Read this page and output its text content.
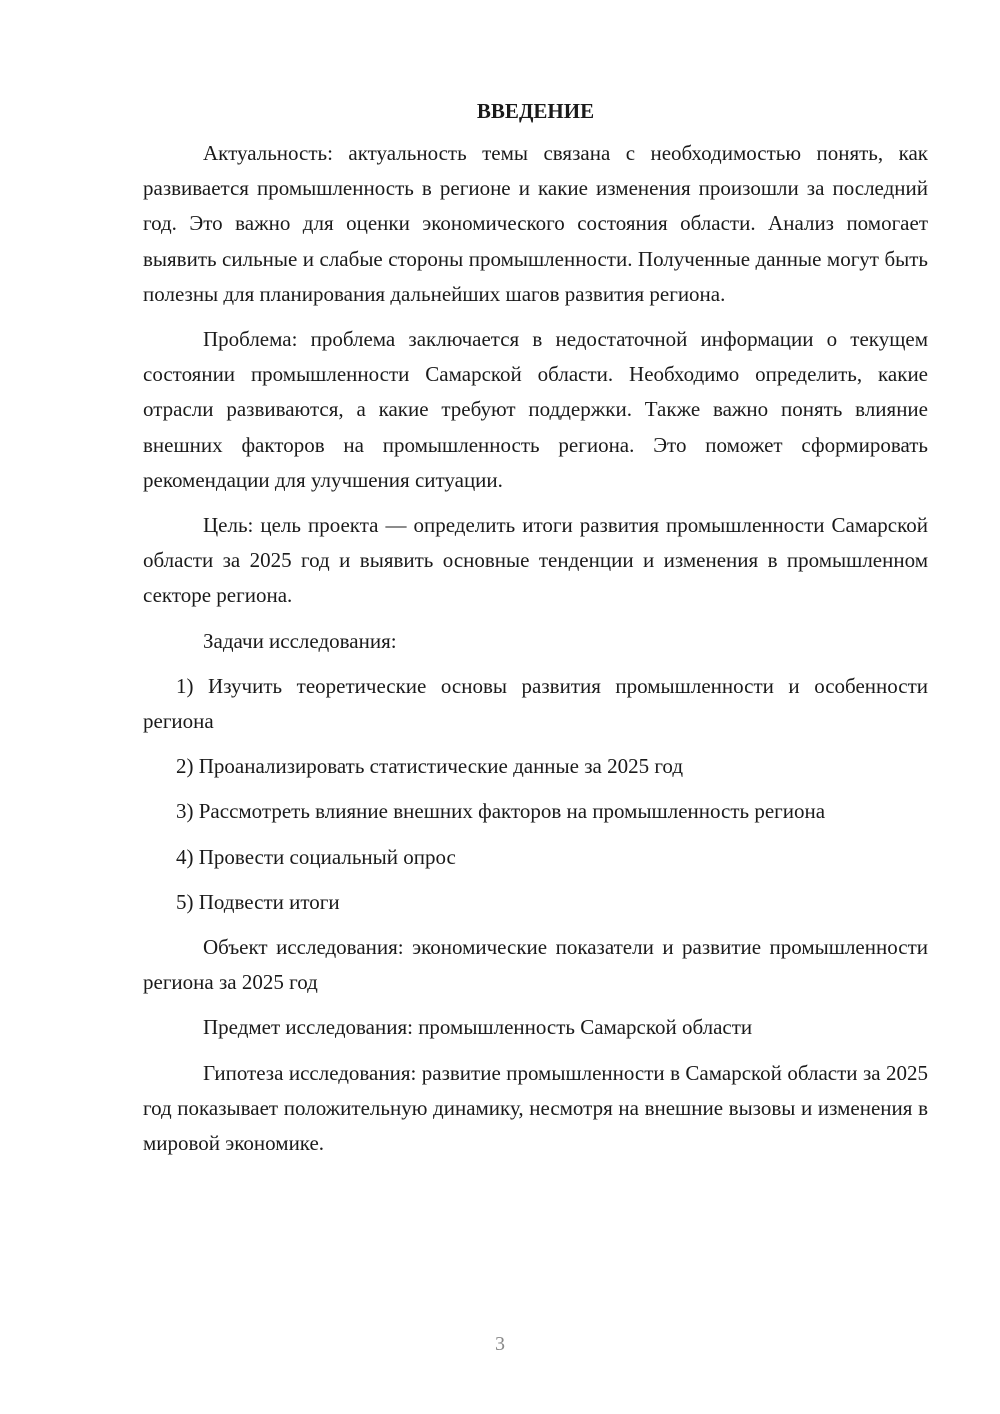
ВВЕДЕНИЕ

Актуальность: актуальность темы связана с необходимостью понять, как развивается промышленность в регионе и какие изменения произошли за последний год. Это важно для оценки экономического состояния области. Анализ помогает выявить сильные и слабые стороны промышленности. Полученные данные могут быть полезны для планирования дальнейших шагов развития региона.

Проблема: проблема заключается в недостаточной информации о текущем состоянии промышленности Самарской области. Необходимо определить, какие отрасли развиваются, а какие требуют поддержки. Также важно понять влияние внешних факторов на промышленность региона. Это поможет сформировать рекомендации для улучшения ситуации.

Цель: цель проекта — определить итоги развития промышленности Самарской области за 2025 год и выявить основные тенденции и изменения в промышленном секторе региона.

Задачи исследования:

1) Изучить теоретические основы развития промышленности и особенности региона

2) Проанализировать статистические данные за 2025 год

3) Рассмотреть влияние внешних факторов на промышленность региона

4) Провести социальный опрос

5) Подвести итоги

Объект исследования: экономические показатели и развитие промышленности региона за 2025 год

Предмет исследования: промышленность Самарской области

Гипотеза исследования: развитие промышленности в Самарской области за 2025 год показывает положительную динамику, несмотря на внешние вызовы и изменения в мировой экономике.

3
